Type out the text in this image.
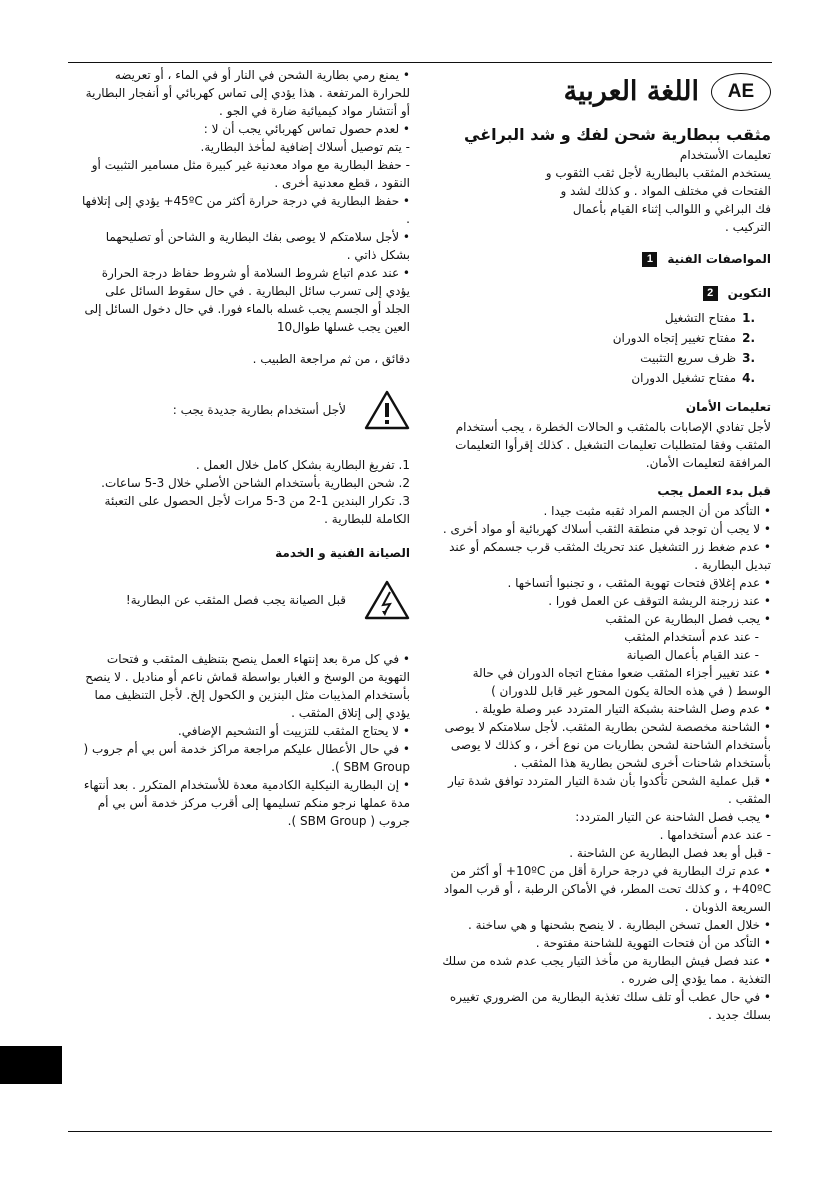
AE
اللغة العربية

مثقب ببطارية شحن لفك و شد البراغي

تعليمات الأستخدام

يستخدم المثقب بالبطارية لأجل ثقب الثقوب و الفتحات في مختلف المواد . و كذلك لشد و فك البراغي و اللوالب إثناء القيام بأعمال التركيب .

المواصفات الفنية
1
التكوين
2
.1مفتاح التشغيل
.2مفتاح تغيير إتجاه الدوران
.3ظرف سريع التثبيت
.4مفتاح تشغيل الدوران
تعليمات الأمان

لأجل تفادي الإصابات بالمثقب و الحالات الخطرة ، يجب أستخدام المثقب وفقا لمتطلبات تعليمات التشغيل . كذلك إقرأوا التعليمات المرافقة لتعليمات الأمان.

قبل بدء العمل يجب

• التأكد من أن الجسم المراد ثقبه مثبت جيدا .

• لا يجب أن توجد في منطقة الثقب أسلاك كهربائية أو مواد أخرى .

• عدم ضغط زر التشغيل عند تحريك المثقب قرب جسمكم أو عند تبديل البطارية .

• عدم إغلاق فتحات تهوية المثقب ، و تجنبوا أتساخها .

• عند زرجنة الريشة التوقف عن العمل فورا .

• يجب فصل البطارية عن المثقب

- عند عدم أستخدام المثقب

- عند القيام بأعمال الصيانة

• عند تغيير أجزاء المثقب ضعوا مفتاح اتجاه الدوران في حالة الوسط ( في هذه الحالة يكون المحور غير قابل للدوران )

• عدم وصل الشاحنة بشبكة التيار المتردد عبر وصلة طويلة .

• الشاحنة مخصصة لشحن بطارية المثقب. لأجل سلامتكم لا يوصى بأستخدام الشاحنة لشحن بطاريات من نوع أخر ، و كذلك لا يوصى بأستخدام شاحنات أخرى لشحن بطارية هذا المثقب .

• قبل عملية الشحن تأكدوا بأن شدة التيار المتردد توافق شدة تيار المثقب .

• يجب فصل الشاحنة عن التيار المتردد:

- عند عدم أستخدامها .

- قبل أو بعد فصل البطارية عن الشاحنة .

• عدم ترك البطارية في درجة حرارة أقل من 10ºC+ أو أكثر من 40ºC+ ، و كذلك تحت المطر، في الأماكن الرطبة ، أو قرب المواد السريعة الذوبان .

• خلال العمل تسخن البطارية . لا ينصح بشحنها و هي ساخنة .

• التأكد من أن فتحات التهوية للشاحنة مفتوحة .

• عند فصل فيش البطارية من مأخذ التيار يجب عدم شده من سلك التغذية . مما يؤدي إلى ضرره .

• في حال عطب أو تلف سلك تغذية البطارية من الضروري تغييره بسلك جديد .

• يمنع رمي بطارية الشحن في النار أو في الماء ، أو تعريضه للحرارة المرتفعة . هذا يؤدي إلى تماس كهربائي أو أنفجار البطارية أو أنتشار مواد كيميائية ضارة في الجو .

• لعدم حصول تماس كهربائي يجب أن لا :

- يتم توصيل أسلاك إضافية لمأخذ البطارية.

- حفظ البطارية مع مواد معدنية غير كبيرة مثل مسامير التثبيت أو النقود ، قطع معدنية أخرى .

• حفظ البطارية في درجة حرارة أكثر من 45ºC+ يؤدي إلى إتلافها .

• لأجل سلامتكم لا يوصى بفك البطارية و الشاحن أو تصليحهما بشكل ذاتي .

• عند عدم اتباع شروط السلامة أو شروط حفاظ درجة الحرارة يؤدي إلى تسرب سائل البطارية . في حال سقوط السائل على الجلد أو الجسم يجب غسله بالماء فورا. في حال دخول السائل إلى العين يجب غسلها طوال10

دقائق ، من ثم مراجعة الطبيب .

لأجل أستخدام بطارية جديدة يجب :

1. تفريغ البطارية بشكل كامل خلال العمل .

2. شحن البطارية بأستخدام الشاحن الأصلي خلال 3-5 ساعات.

3. تكرار البندين 1-2 من 3-5 مرات لأجل الحصول على التعبئة الكاملة للبطارية .

الصيانة الفنية و الخدمة
قبل الصيانة يجب فصل المثقب عن البطارية!

• في كل مرة بعد إنتهاء العمل ينصح بتنظيف المثقب و فتحات التهوية من الوسخ و الغبار بواسطة قماش ناعم أو مناديل . لا ينصح بأستخدام المذيبات مثل البنزين و الكحول إلخ. لأجل التنظيف مما يؤدي إلى إتلاق المثقب .

• لا يحتاج المثقب للتزييت أو التشحيم الإضافي.

• في حال الأعطال عليكم مراجعة مراكز خدمة أس بي أم جروب ( SBM Group ).

• إن البطارية النيكلية الكادمية معدة للأستخدام المتكرر . بعد أنتهاء مدة عملها نرجو منكم تسليمها إلى أقرب مركز خدمة أس بي أم جروب ( SBM Group ).
